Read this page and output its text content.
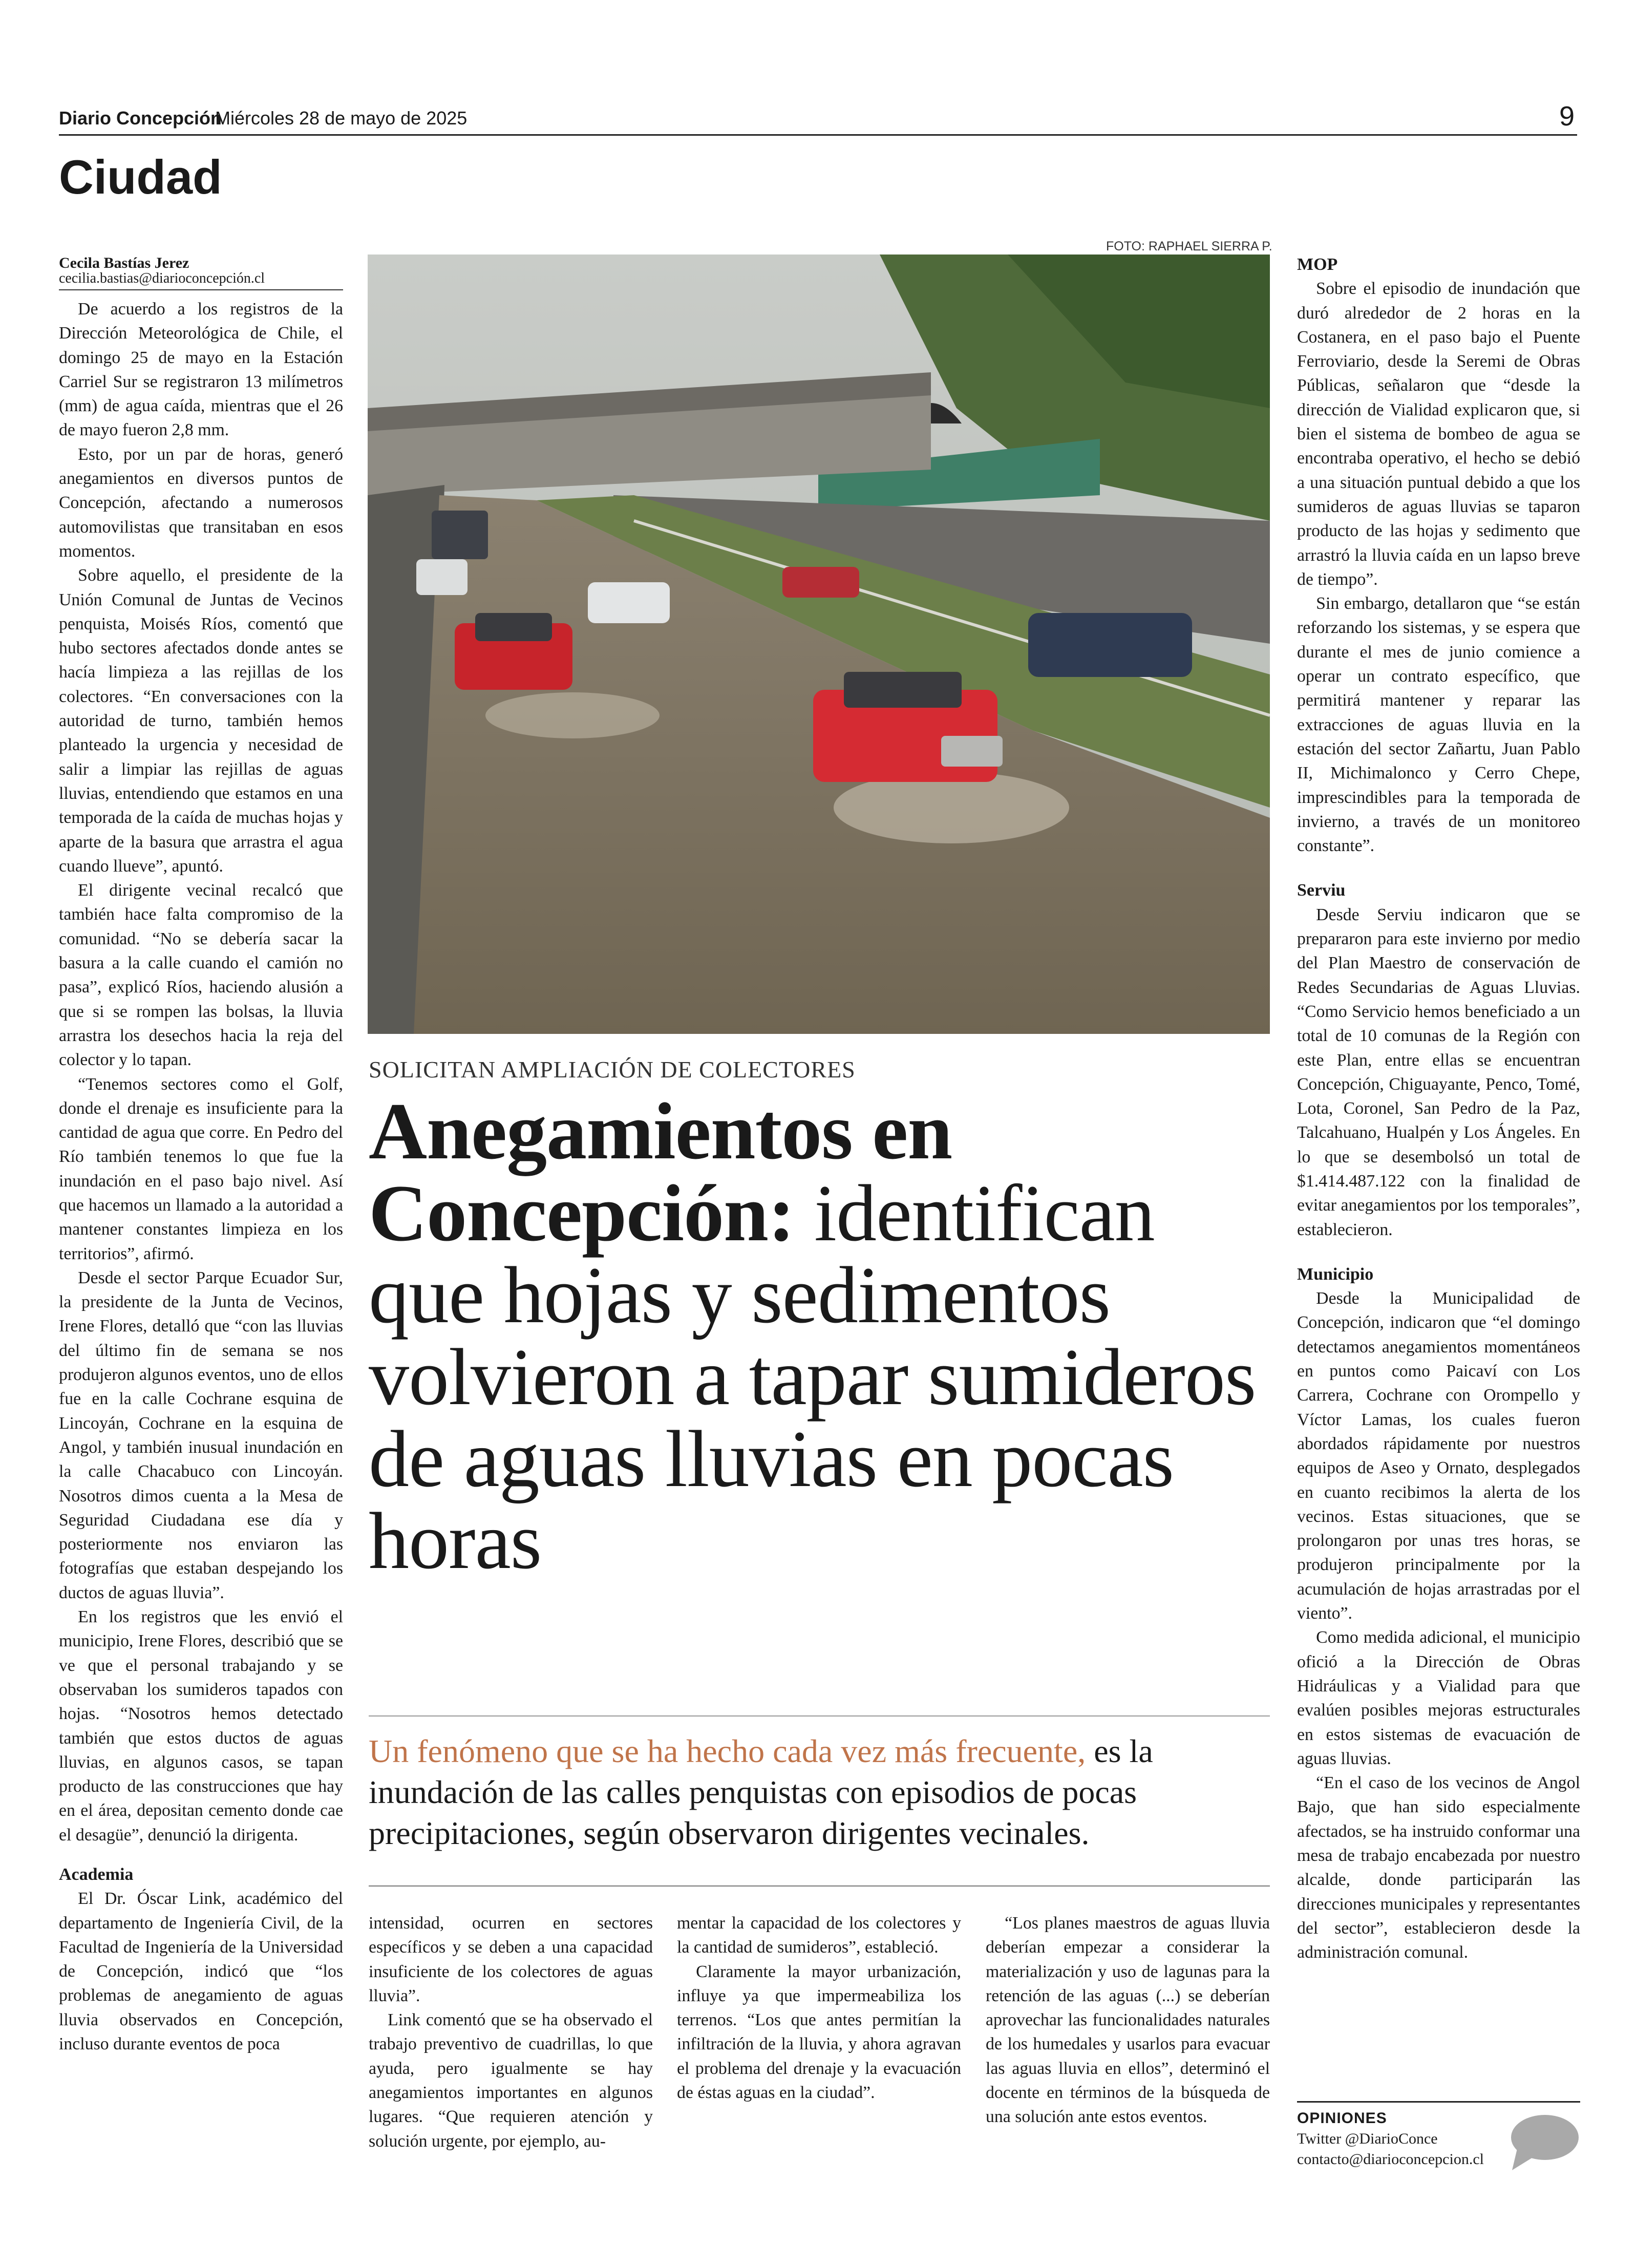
Diario Concepción
Miércoles 28 de mayo de 2025	9
Ciudad
Cecila Bastías Jerez
cecilia.bastias@diarioconcepción.cl

De acuerdo a los registros de la Dirección Meteorológica de Chile, el domingo 25 de mayo en la Estación Carriel Sur se registraron 13 milímetros (mm) de agua caída, mientras que el 26 de mayo fueron 2,8 mm.

Esto, por un par de horas, generó anegamientos en diversos puntos de Concepción, afectando a numerosos automovilistas que transitaban en esos momentos.

Sobre aquello, el presidente de la Unión Comunal de Juntas de Vecinos penquista, Moisés Ríos, comentó que hubo sectores afectados donde antes se hacía limpieza a las rejillas de los colectores. “En conversaciones con la autoridad de turno, también hemos planteado la urgencia y necesidad de salir a limpiar las rejillas de aguas lluvias, entendiendo que estamos en una temporada de la caída de muchas hojas y aparte de la basura que arrastra el agua cuando llueve”, apuntó.

El dirigente vecinal recalcó que también hace falta compromiso de la comunidad. “No se debería sacar la basura a la calle cuando el camión no pasa”, explicó Ríos, haciendo alusión a que si se rompen las bolsas, la lluvia arrastra los desechos hacia la reja del colector y lo tapan.

“Tenemos sectores como el Golf, donde el drenaje es insuficiente para la cantidad de agua que corre. En Pedro del Río también tenemos lo que fue la inundación en el paso bajo nivel. Así que hacemos un llamado a la autoridad a mantener constantes limpieza en los territorios”, afirmó.

Desde el sector Parque Ecuador Sur, la presidente de la Junta de Vecinos, Irene Flores, detalló que “con las lluvias del último fin de semana se nos produjeron algunos eventos, uno de ellos fue en la calle Cochrane esquina de Lincoyán, Cochrane en la esquina de Angol, y también inusual inundación en la calle Chacabuco con Lincoyán. Nosotros dimos cuenta a la Mesa de Seguridad Ciudadana ese día y posteriormente nos enviaron las fotografías que estaban despejando los ductos de aguas lluvia”.

En los registros que les envió el municipio, Irene Flores, describió que se ve que el personal trabajando y se observaban los sumideros tapados con hojas. “Nosotros hemos detectado también que estos ductos de aguas lluvias, en algunos casos, se tapan producto de las construcciones que hay en el área, depositan cemento donde cae el desagüe”, denunció la dirigenta.

Academia

El Dr. Óscar Link, académico del departamento de Ingeniería Civil, de la Facultad de Ingeniería de la Universidad de Concepción, indicó que “los problemas de anegamiento de aguas lluvia observados en Concepción, incluso durante eventos de poca

FOTO: RAPHAEL SIERRA P.
SOLICITAN AMPLIACIÓN DE COLECTORES
Anegamientos en Concepción: identifican que hojas y sedimentos volvieron a tapar sumideros de aguas lluvias en pocas horas
Un fenómeno que se ha hecho cada vez más frecuente, es la inundación de las calles penquistas con episodios de pocas precipitaciones, según observaron dirigentes vecinales.

intensidad, ocurren en sectores específicos y se deben a una capacidad insuficiente de los colectores de aguas lluvia”.

Link comentó que se ha observado el trabajo preventivo de cuadrillas, lo que ayuda, pero igualmente se hay anegamientos importantes en algunos lugares. “Que requieren atención y solución urgente, por ejemplo, au-

mentar la capacidad de los colectores y la cantidad de sumideros”, estableció.

Claramente la mayor urbanización, influye ya que impermeabiliza los terrenos. “Los que antes permitían la infiltración de la lluvia, y ahora agravan el problema del drenaje y la evacuación de éstas aguas en la ciudad”.

“Los planes maestros de aguas lluvia deberían empezar a considerar la materialización y uso de lagunas para la retención de las aguas (...) se deberían aprovechar las funcionalidades naturales de los humedales y usarlos para evacuar las aguas lluvia en ellos”, determinó el docente en términos de la búsqueda de una solución ante estos eventos.

MOP

Sobre el episodio de inundación que duró alrededor de 2 horas en la Costanera, en el paso bajo el Puente Ferroviario, desde la Seremi de Obras Públicas, señalaron que “desde la dirección de Vialidad explicaron que, si bien el sistema de bombeo de agua se encontraba operativo, el hecho se debió a una situación puntual debido a que los sumideros de aguas lluvias se taparon producto de las hojas y sedimento que arrastró la lluvia caída en un lapso breve de tiempo”.

Sin embargo, detallaron que “se están reforzando los sistemas, y se espera que durante el mes de junio comience a operar un contrato específico, que permitirá mantener y reparar las extracciones de aguas lluvia en la estación del sector Zañartu, Juan Pablo II, Michimalonco y Cerro Chepe, imprescindibles para la temporada de invierno, a través de un monitoreo constante”.

Serviu

Desde Serviu indicaron que se prepararon para este invierno por medio del Plan Maestro de conservación de Redes Secundarias de Aguas Lluvias. “Como Servicio hemos beneficiado a un total de 10 comunas de la Región con este Plan, entre ellas se encuentran Concepción, Chiguayante, Penco, Tomé, Lota, Coronel, San Pedro de la Paz, Talcahuano, Hualpén y Los Ángeles. En lo que se desembolsó un total de $1.414.487.122 con la finalidad de evitar anegamientos por los temporales”, establecieron.

Municipio

Desde la Municipalidad de Concepción, indicaron que “el domingo detectamos anegamientos momentáneos en puntos como Paicaví con Los Carrera, Cochrane con Orompello y Víctor Lamas, los cuales fueron abordados rápidamente por nuestros equipos de Aseo y Ornato, desplegados en cuanto recibimos la alerta de los vecinos. Estas situaciones, que se prolongaron por unas tres horas, se produjeron principalmente por la acumulación de hojas arrastradas por el viento”.

Como medida adicional, el municipio ofició a la Dirección de Obras Hidráulicas y a Vialidad para que evalúen posibles mejoras estructurales en estos sistemas de evacuación de aguas lluvias.

“En el caso de los vecinos de Angol Bajo, que han sido especialmente afectados, se ha instruido conformar una mesa de trabajo encabezada por nuestro alcalde, donde participarán las direcciones municipales y representantes del sector”, establecieron desde la administración comunal.

OPINIONES
Twitter @DiarioConce
contacto@diarioconcepcion.cl
